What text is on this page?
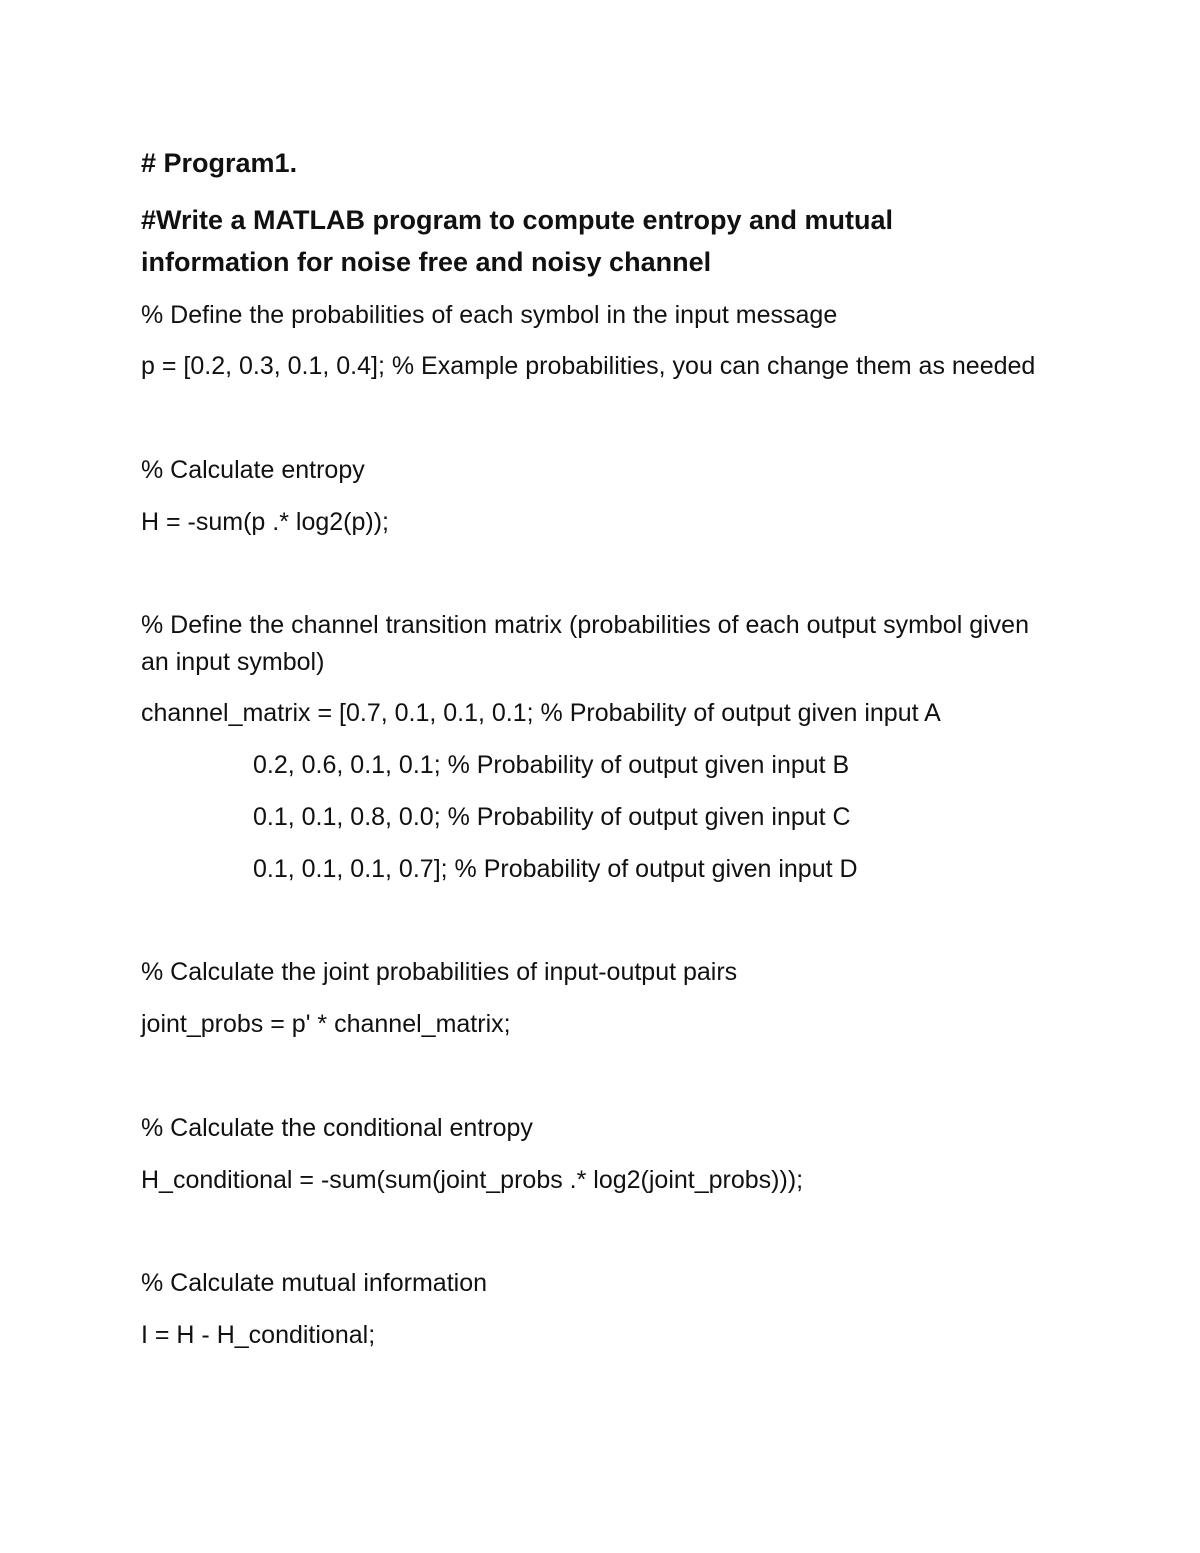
# Program1.
#Write a MATLAB program to compute entropy and mutual
information for noise free and noisy channel
% Define the probabilities of each symbol in the input message
p = [0.2, 0.3, 0.1, 0.4]; % Example probabilities, you can change them as needed
% Calculate entropy
H = -sum(p .* log2(p));
% Define the channel transition matrix (probabilities of each output symbol given
an input symbol)
channel_matrix = [0.7, 0.1, 0.1, 0.1; % Probability of output given input A
0.2, 0.6, 0.1, 0.1; % Probability of output given input B
0.1, 0.1, 0.8, 0.0; % Probability of output given input C
0.1, 0.1, 0.1, 0.7]; % Probability of output given input D
% Calculate the joint probabilities of input-output pairs
joint_probs = p' * channel_matrix;
% Calculate the conditional entropy
H_conditional = -sum(sum(joint_probs .* log2(joint_probs)));
% Calculate mutual information
I = H - H_conditional;
